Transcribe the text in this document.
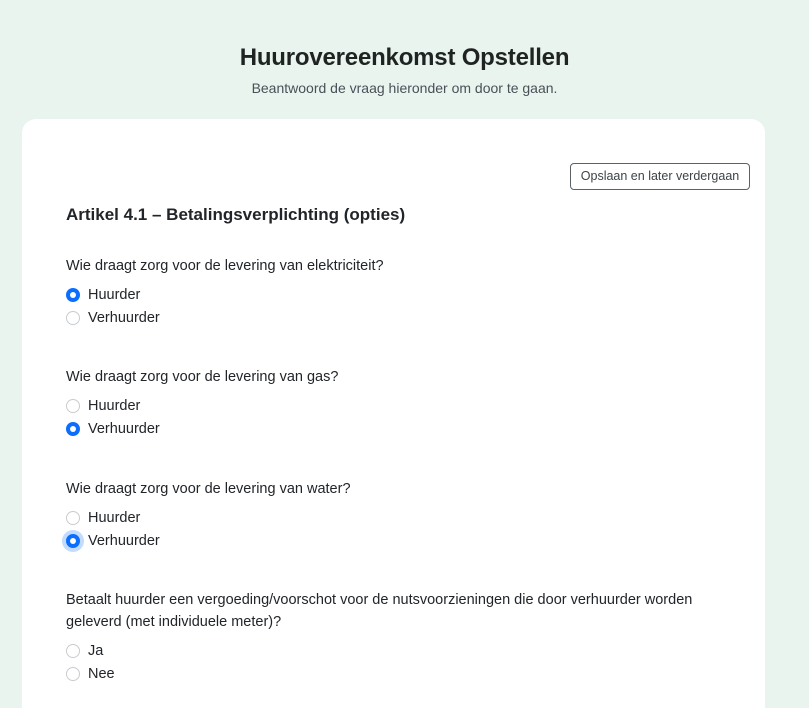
Huurovereenkomst Opstellen
Beantwoord de vraag hieronder om door te gaan.
Opslaan en later verdergaan
Artikel 4.1 – Betalingsverplichting (opties)
Wie draagt zorg voor de levering van elektriciteit?
Huurder
Verhuurder
Wie draagt zorg voor de levering van gas?
Huurder
Verhuurder
Wie draagt zorg voor de levering van water?
Huurder
Verhuurder
Betaalt huurder een vergoeding/voorschot voor de nutsvoorzieningen die door verhuurder worden geleverd (met individuele meter)?
Ja
Nee
